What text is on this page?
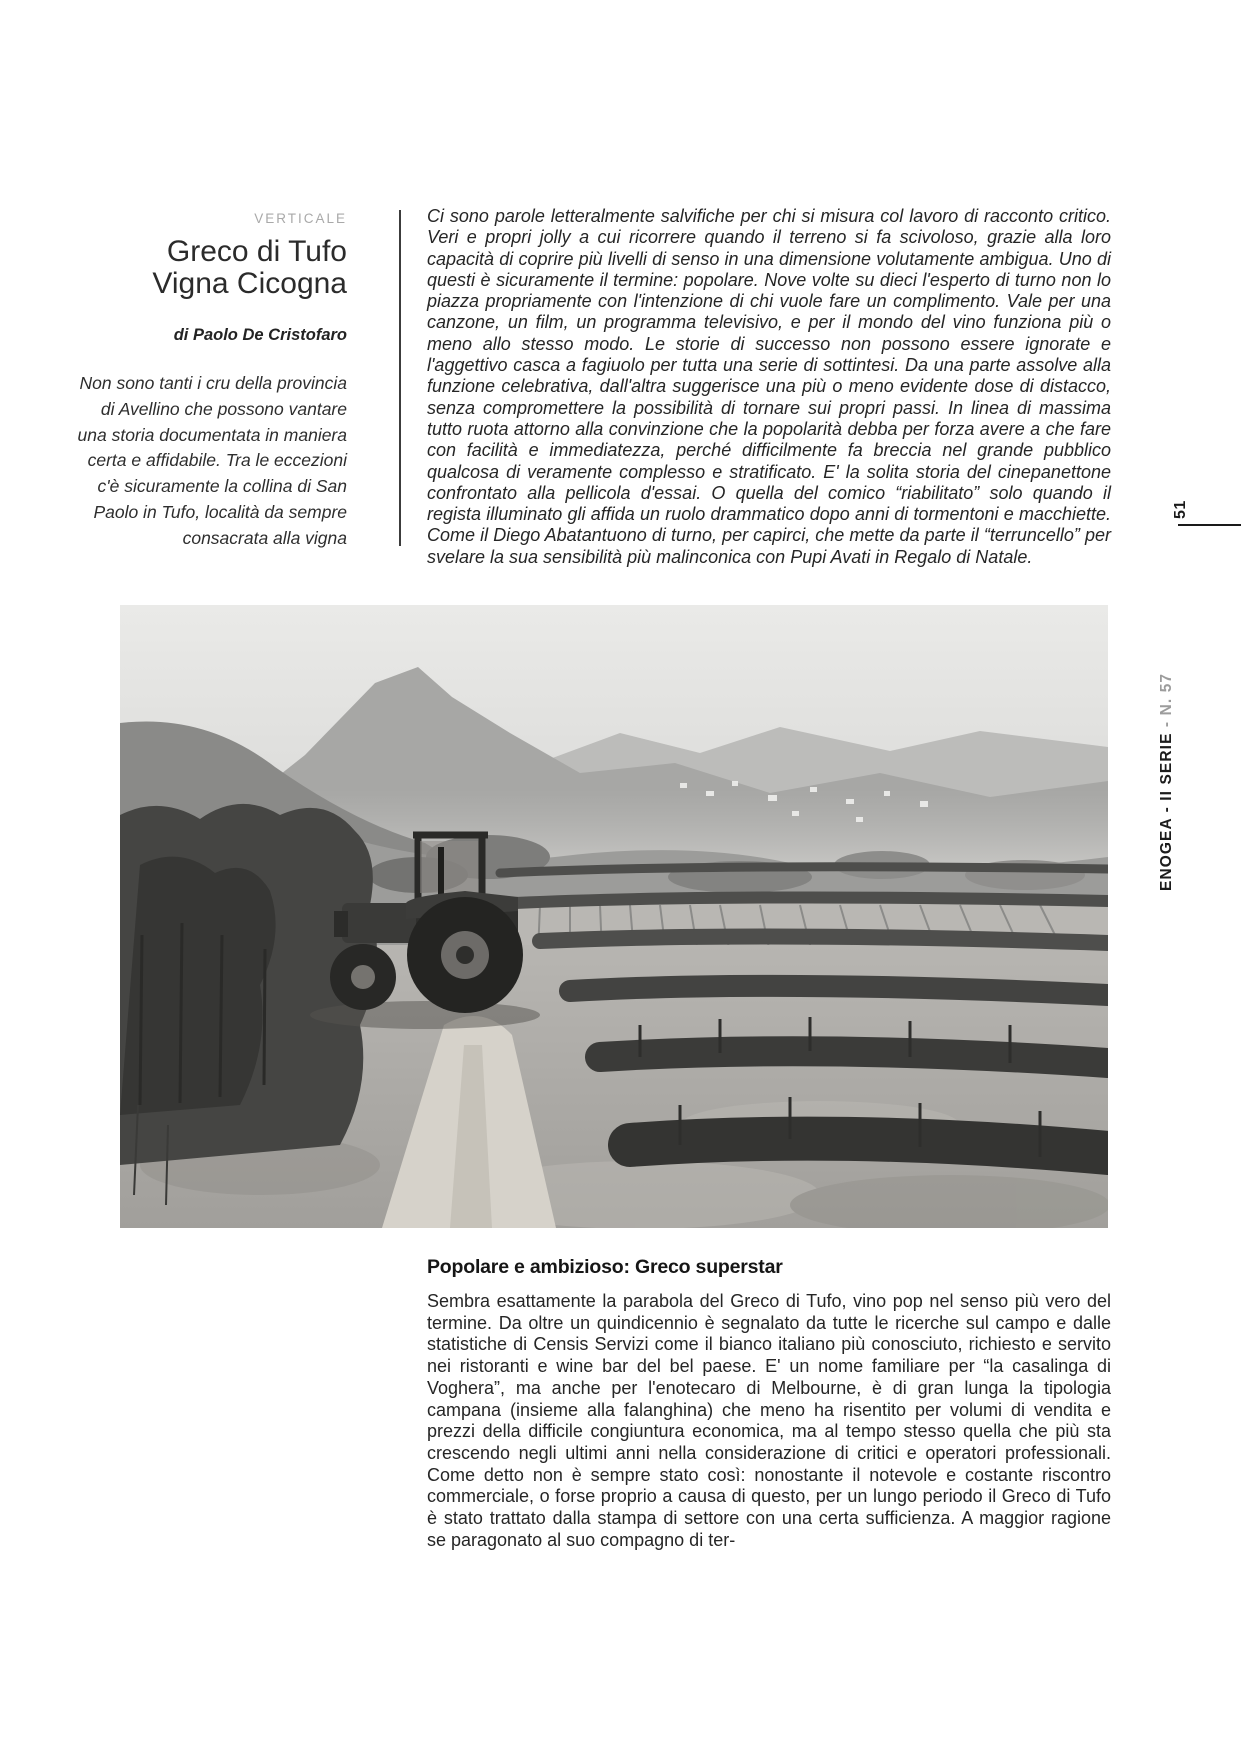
VERTICALE
Greco di Tufo
Vigna Cicogna
di Paolo De Cristofaro

Non sono tanti i cru della provincia di Avellino che possono vantare una storia documentata in maniera certa e affidabile. Tra le eccezioni c'è sicuramente la collina di San Paolo in Tufo, località da sempre consacrata alla vigna

Ci sono parole letteralmente salvifiche per chi si misura col lavoro di racconto critico. Veri e propri jolly a cui ricorrere quando il terreno si fa scivoloso, grazie alla loro capacità di coprire più livelli di senso in una dimensione volutamente ambigua. Uno di questi è sicuramente il termine: popolare. Nove volte su dieci l'esperto di turno non lo piazza propriamente con l'intenzione di chi vuole fare un complimento. Vale per una canzone, un film, un programma televisivo, e per il mondo del vino funziona più o meno allo stesso modo. Le storie di successo non possono essere ignorate e l'aggettivo casca a fagiuolo per tutta una serie di sottintesi. Da una parte assolve alla funzione celebrativa, dall'altra suggerisce una più o meno evidente dose di distacco, senza compromettere la possibilità di tornare sui propri passi. In linea di massima tutto ruota attorno alla convinzione che la popolarità debba per forza avere a che fare con facilità e immediatezza, perché difficilmente fa breccia nel grande pubblico qualcosa di veramente complesso e stratificato. E' la solita storia del cinepanettone confrontato alla pellicola d'essai. O quella del comico “riabilitato” solo quando il regista illuminato gli affida un ruolo drammatico dopo anni di tormentoni e macchiette. Come il Diego Abatantuono di turno, per capirci, che mette da parte il “terruncello” per svelare la sua sensibilità più malinconica con Pupi Avati in Regalo di Natale.

Popolare e ambizioso: Greco superstar

Sembra esattamente la parabola del Greco di Tufo, vino pop nel senso più vero del termine. Da oltre un quindicennio è segnalato da tutte le ricerche sul campo e dalle statistiche di Censis Servizi come il bianco italiano più conosciuto, richiesto e servito nei ristoranti e wine bar del bel paese. E' un nome familiare per “la casalinga di Voghera”, ma anche per l'enotecaro di Melbourne, è di gran lunga la tipologia campana (insieme alla falanghina) che meno ha risentito per volumi di vendita e prezzi della difficile congiuntura economica, ma al tempo stesso quella che più sta crescendo negli ultimi anni nella considerazione di critici e operatori professionali. Come detto non è sempre stato così: nonostante il notevole e costante riscontro commerciale, o forse proprio a causa di questo, per un lungo periodo il Greco di Tufo è stato trattato dalla stampa di settore con una certa sufficienza. A maggior ragione se paragonato al suo compagno di ter-

51
ENOGEA - II SERIE - N. 57
